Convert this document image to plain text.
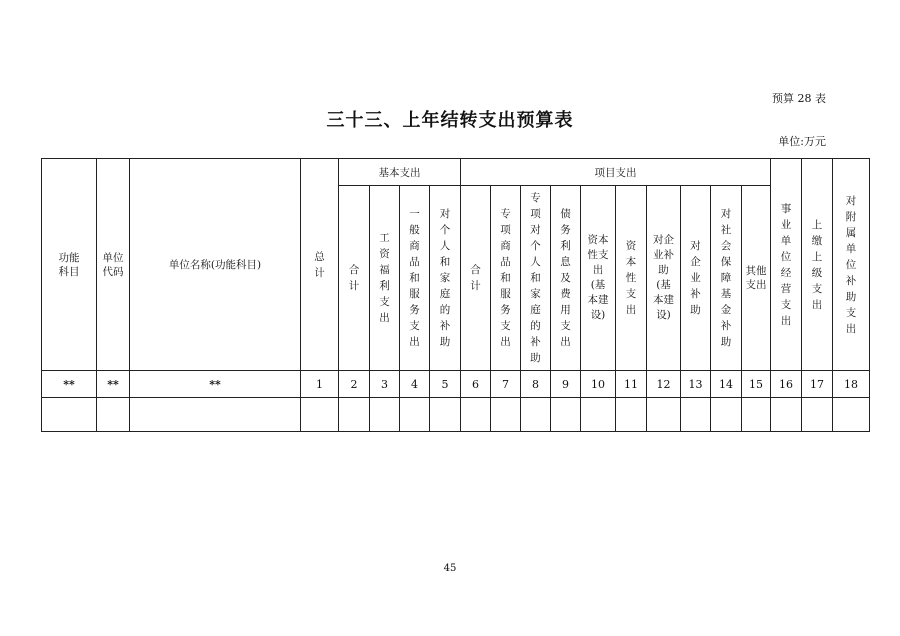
预算 28 表
三十三、上年结转支出预算表
单位:万元
功能科目	单位代码	单位名称(功能科目)	总计	基本支出				项目支出										事业单位经营支出	上缴上级支出	对附属单位补助支出
				合计	工资福利支出	一般商品和服务支出	对个人和家庭的补助	合计	专项商品和服务支出	专项对个人和家庭的补助	债务利息及费用支出	资本性支出(基本建设)	资本性支出	对企业补助(基本建设)	对企业补助	对社会保障基金补助	其他支出			
**	**	**	1	2	3	4	5	6	7	8	9	10	11	12	13	14	15	16	17	18

45
